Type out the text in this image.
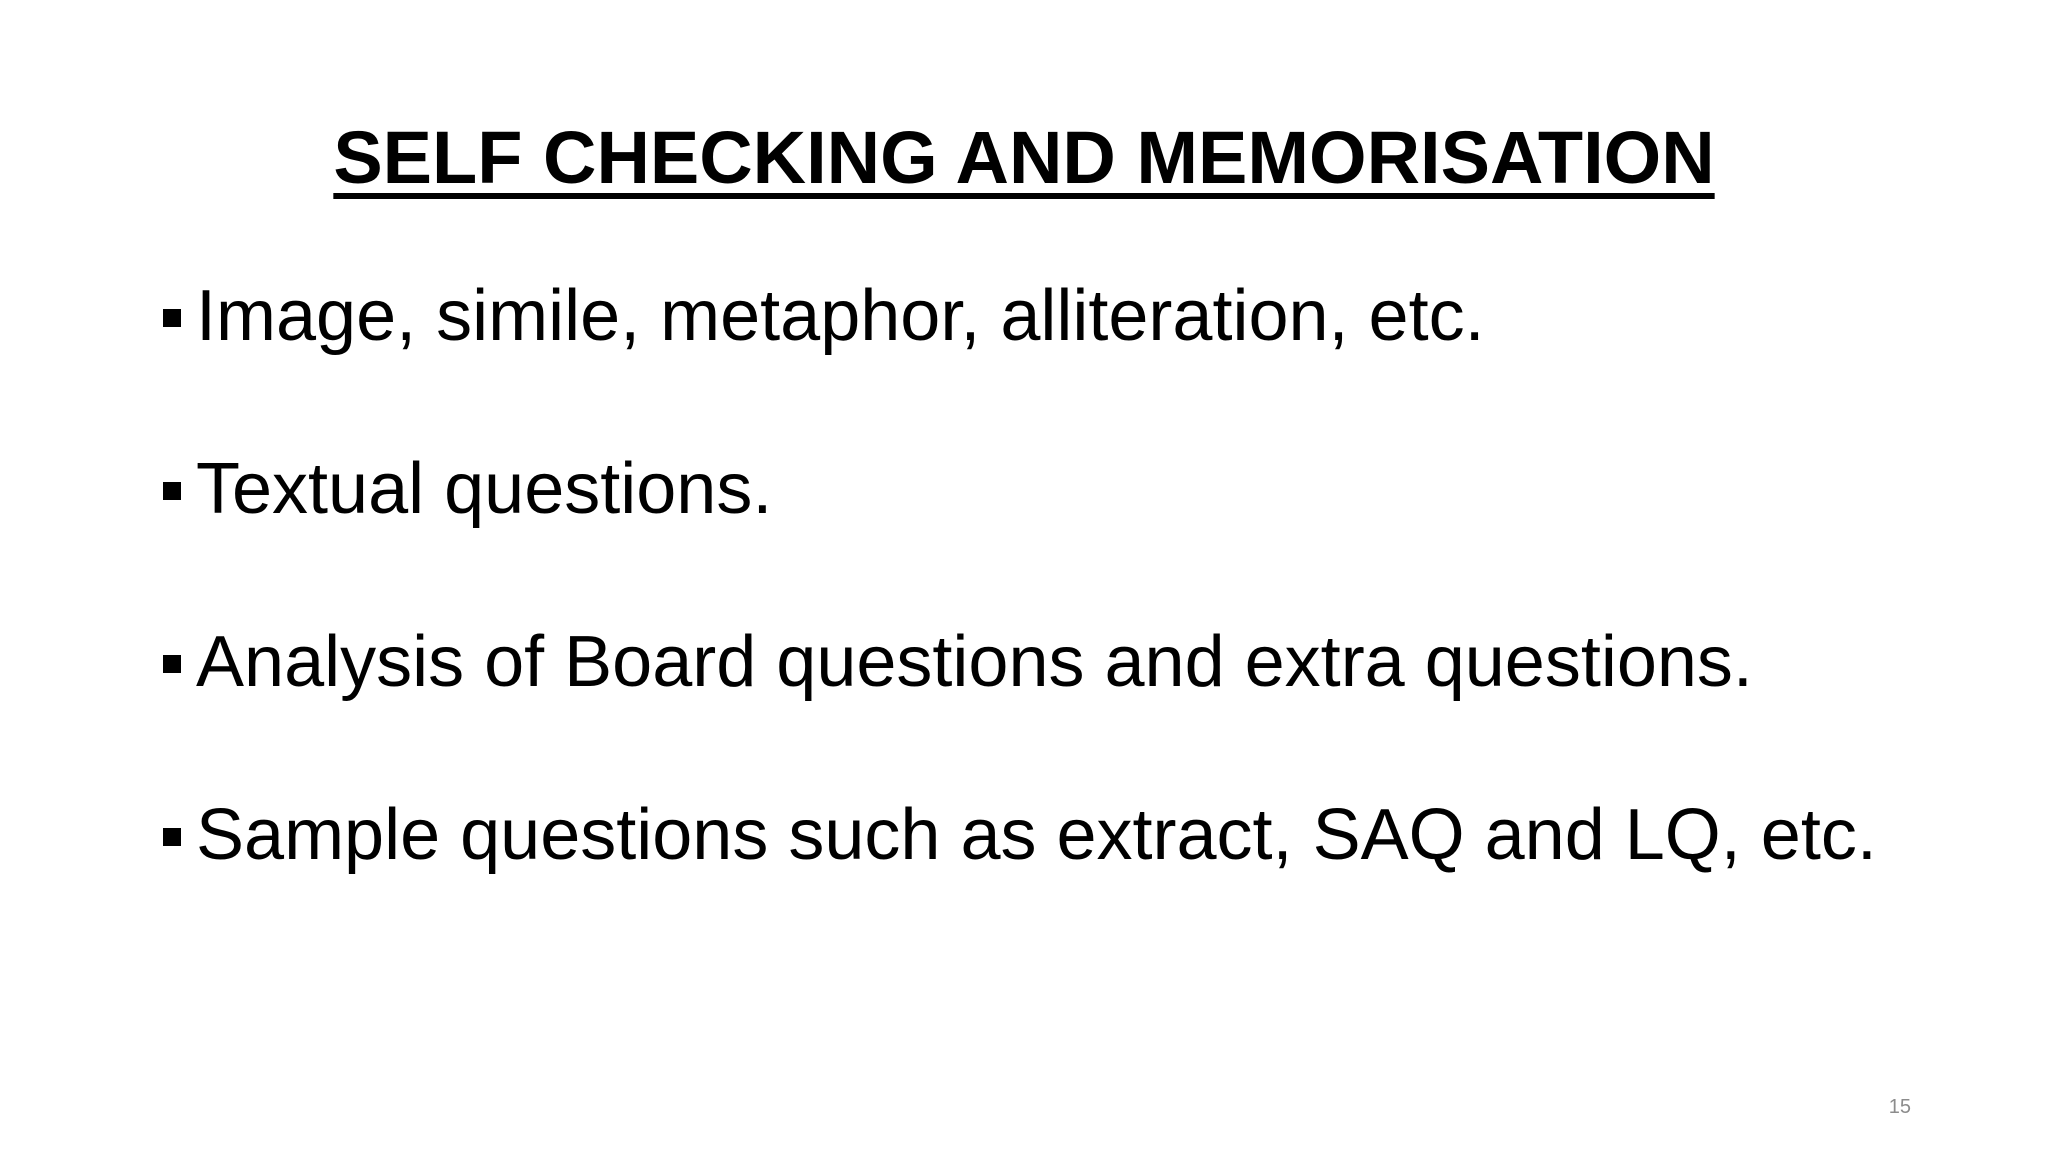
SELF CHECKING AND MEMORISATION
Image, simile, metaphor, alliteration, etc.
Textual questions.
Analysis of Board questions and extra questions.
Sample questions such as extract, SAQ and LQ, etc.
15
